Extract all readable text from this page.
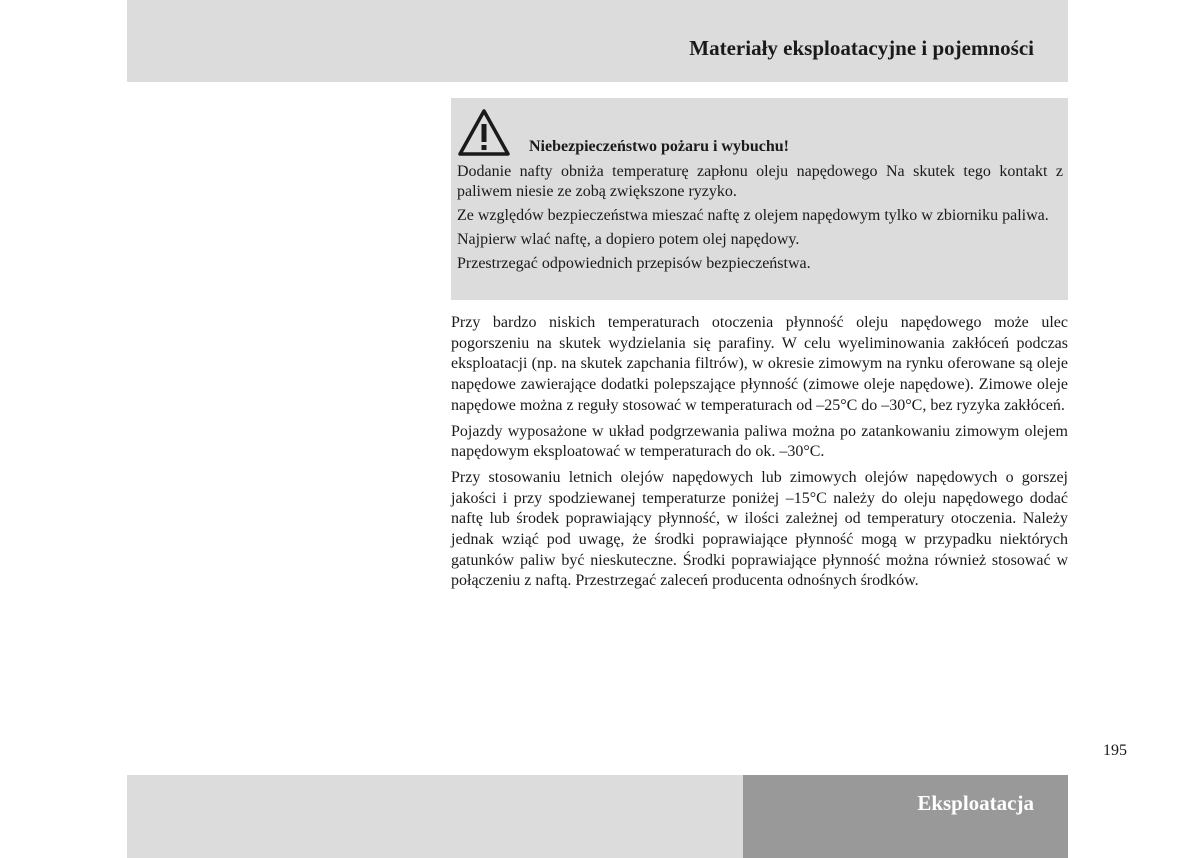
Materiały eksploatacyjne i pojemności
Niebezpieczeństwo pożaru i wybuchu!

Dodanie nafty obniża temperaturę zapłonu oleju napędowego Na skutek tego kontakt z paliwem niesie ze zobą zwiększone ryzyko.

Ze względów bezpieczeństwa mieszać naftę z olejem napędowym tylko w zbiorniku paliwa.

Najpierw wlać naftę, a dopiero potem olej napędowy.

Przestrzegać odpowiednich przepisów bezpieczeństwa.

Przy bardzo niskich temperaturach otoczenia płynność oleju napędowego może ulec pogorszeniu na skutek wydzielania się parafiny. W celu wyeliminowania zakłóceń podczas eksploatacji (np. na skutek zapchania filtrów), w okresie zimowym na rynku oferowane są oleje napędowe zawierające dodatki polepszające płynność (zimowe oleje napędowe). Zimowe oleje napędowe można z reguły stosować w temperaturach od –25°C do –30°C, bez ryzyka zakłóceń.

Pojazdy wyposażone w układ podgrzewania paliwa można po zatankowaniu zimowym olejem napędowym eksploatować w temperaturach do ok. –30°C.

Przy stosowaniu letnich olejów napędowych lub zimowych olejów napędowych o gorszej jakości i przy spodziewanej temperaturze poniżej –15°C należy do oleju napędowego dodać naftę lub środek poprawiający płynność, w ilości zależnej od temperatury otoczenia. Należy jednak wziąć pod uwagę, że środki poprawiające płynność mogą w przypadku niektórych gatunków paliw być nieskuteczne. Środki poprawiające płynność można również stosować w połączeniu z naftą. Przestrzegać zaleceń producenta odnośnych środków.

195
Eksploatacja
